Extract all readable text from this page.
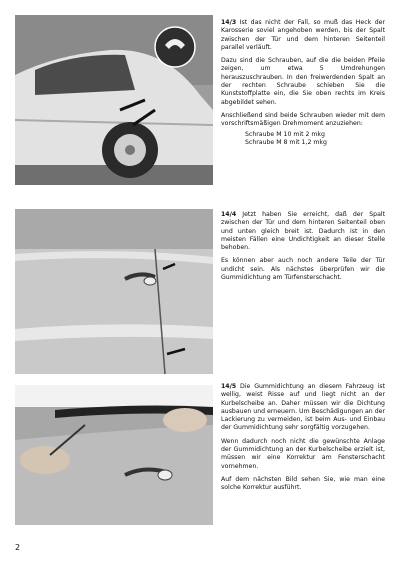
14/3 Ist das nicht der Fall, so muß das Heck der Karosserie soviel angehoben werden, bis der Spalt zwischen der Tür und dem hinteren Seitenteil parallel verläuft.

Dazu sind die Schrauben, auf die die beiden Pfeile zeigen, um etwa 5 Umdrehungen herauszuschrauben. In den freiwerdenden Spalt an der rechten Schraube schieben Sie die Kunststoffplatte ein, die Sie oben rechts im Kreis abgebildet sehen.

Anschließend sind beide Schrauben wieder mit dem vorschriftsmäßigen Drehmoment anzuziehen:

Schraube M 10 mit 2 mkg
Schraube M 8 mit 1,2 mkg

14/4 Jetzt haben Sie erreicht, daß der Spalt zwischen der Tür und dem hinteren Seitenteil oben und unten gleich breit ist. Dadurch ist in den meisten Fällen eine Undichtigkeit an dieser Stelle behoben.

Es können aber auch noch andere Teile der Tür undicht sein. Als nächstes überprüfen wir die Gummidichtung am Türfensterschacht.

14/5 Die Gummidichtung an diesem Fahrzeug ist wellig, weist Risse auf und liegt nicht an der Kurbelscheibe an. Daher müssen wir die Dichtung ausbauen und erneuern. Um Beschädigungen an der Lackierung zu vermeiden, ist beim Aus- und Einbau der Gummidichtung sehr sorgfältig vorzugehen.

Wenn dadurch noch nicht die gewünschte Anlage der Gummidichtung an der Kurbelscheibe erzielt ist, müssen wir eine Korrektur am Fensterschacht vornehmen.

Auf dem nächsten Bild sehen Sie, wie man eine solche Korrektur ausführt.

2
